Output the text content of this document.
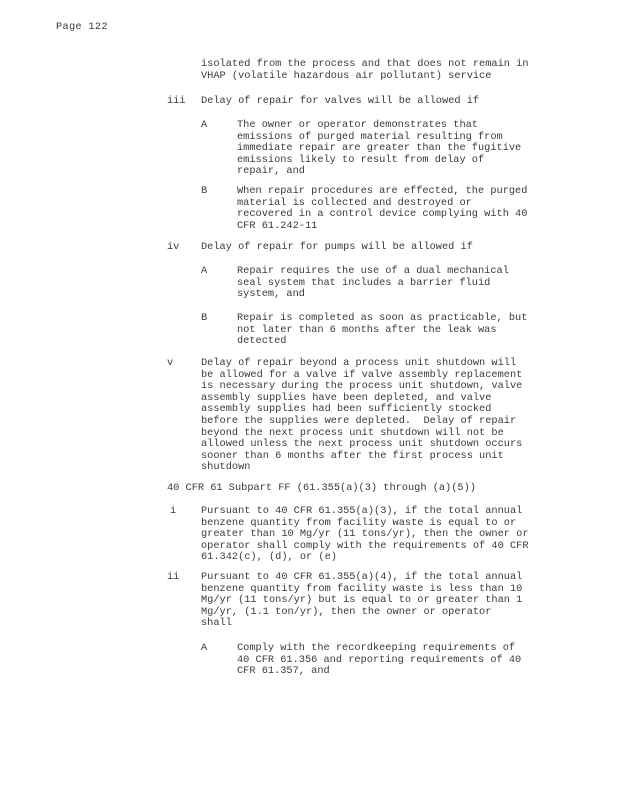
Page 122
isolated from the process and that does not remain in
VHAP (volatile hazardous air pollutant) service
iii Delay of repair for valves will be allowed if
A	The owner or operator demonstrates that
emissions of purged material resulting from
immediate repair are greater than the fugitive
emissions likely to result from delay of
repair, and
B	When repair procedures are effected, the purged
material is collected and destroyed or
recovered in a control device complying with 40
CFR 61.242-11
iv Delay of repair for pumps will be allowed if
A	Repair requires the use of a dual mechanical
seal system that includes a barrier fluid
system, and
B	Repair is completed as soon as practicable, but
not later than 6 months after the leak was
detected
v	Delay of repair beyond a process unit shutdown will
be allowed for a valve if valve assembly replacement
is necessary during the process unit shutdown, valve
assembly supplies have been depleted, and valve
assembly supplies had been sufficiently stocked
before the supplies were depleted.  Delay of repair
beyond the next process unit shutdown will not be
allowed unless the next process unit shutdown occurs
sooner than 6 months after the first process unit
shutdown
40 CFR 61 Subpart FF (61.355(a)(3) through (a)(5))
i Pursuant to 40 CFR 61.355(a)(3), if the total annual
benzene quantity from facility waste is equal to or
greater than 10 Mg/yr (11 tons/yr), then the owner or
operator shall comply with the requirements of 40 CFR
61.342(c), (d), or (e)
ii Pursuant to 40 CFR 61.355(a)(4), if the total annual
benzene quantity from facility waste is less than 10
Mg/yr (11 tons/yr) but is equal to or greater than 1
Mg/yr, (1.1 ton/yr), then the owner or operator
shall
A	Comply with the recordkeeping requirements of
40 CFR 61.356 and reporting requirements of 40
CFR 61.357, and
